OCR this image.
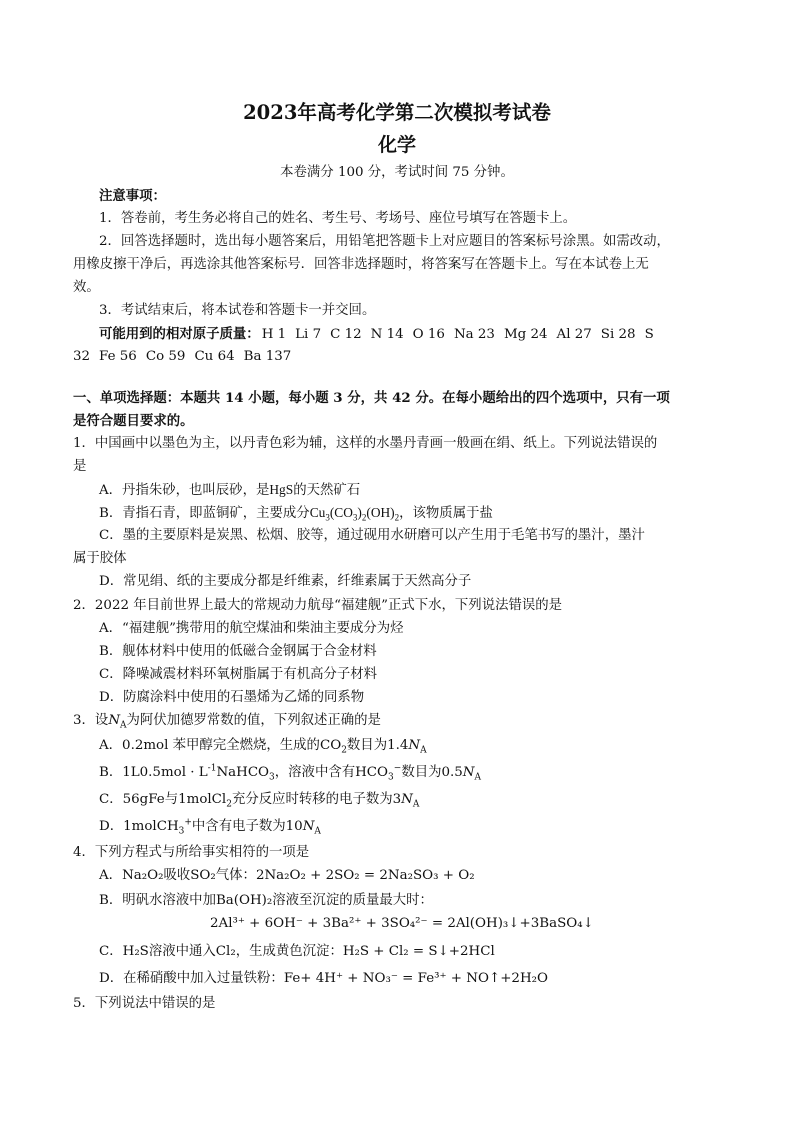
2023年高考化学第二次模拟考试卷
化学
本卷满分 100 分，考试时间 75 分钟。
注意事项：
1．答卷前，考生务必将自己的姓名、考生号、考场号、座位号填写在答题卡上。
2．回答选择题时，选出每小题答案后，用铅笔把答题卡上对应题目的答案标号涂黑。如需改动，
用橡皮擦干净后，再选涂其他答案标号．回答非选择题时，将答案写在答题卡上。写在本试卷上无
效。
3．考试结束后，将本试卷和答题卡一并交回。
可能用到的相对原子质量： H 1 Li 7 C 12 N 14 O 16 Na 23 Mg 24 Al 27 Si 28 S
32 Fe 56 Co 59 Cu 64 Ba 137
一、单项选择题：本题共 14 小题，每小题 3 分，共 42 分。在每小题给出的四个选项中，只有一项
是符合题目要求的。
1．中国画中以墨色为主，以丹青色彩为辅，这样的水墨丹青画一般画在绢、纸上。下列说法错误的
是
A．丹指朱砂，也叫辰砂，是HgS的天然矿石
B．青指石青，即蓝铜矿，主要成分$Cu_3(CO_3)_2(OH)_2$，该物质属于盐
C．墨的主要原料是炭黑、松烟、胶等，通过砚用水研磨可以产生用于毛笔书写的墨汁，墨汁
属于胶体
D．常见绢、纸的主要成分都是纤维素，纤维素属于天然高分子
2．2022 年目前世界上最大的常规动力航母“福建舰”正式下水，下列说法错误的是
A．“福建舰”携带用的航空煤油和柴油主要成分为烃
B．舰体材料中使用的低磁合金钢属于合金材料
C．降噪减震材料环氧树脂属于有机高分子材料
D．防腐涂料中使用的石墨烯为乙烯的同系物
3．设$N_A$为阿伏加德罗常数的值，下列叙述正确的是
A．0.2mol 苯甲醇完全燃烧，生成的$CO_2$数目为$1.4N_A$
B．$1L0.5mol \cdot L^{-1}NaHCO_3$，溶液中含有$HCO_3^-$数目为$0.5N_A$
C．56gFe与1molCl$_2$充分反应时转移的电子数为$3N_A$
D．1molCH$_3$+中含有电子数为$10N_A$
4．下列方程式与所给事实相符的一项是
A．Na₂O₂吸收SO₂气体：2Na₂O₂ + 2SO₂ = 2Na₂SO₃ + O₂
B．明矾水溶液中加Ba(OH)₂溶液至沉淀的质量最大时：
2Al³⁺ + 6OH⁻ + 3Ba²⁺ + 3SO₄²⁻ = 2Al(OH)₃↓+3BaSO₄↓
C．H₂S溶液中通入Cl₂，生成黄色沉淀：H₂S + Cl₂ = S↓+2HCl
D．在稀硝酸中加入过量铁粉：Fe+ 4H⁺ + NO₃⁻ = Fe³⁺ + NO↑+2H₂O
5．下列说法中错误的是
